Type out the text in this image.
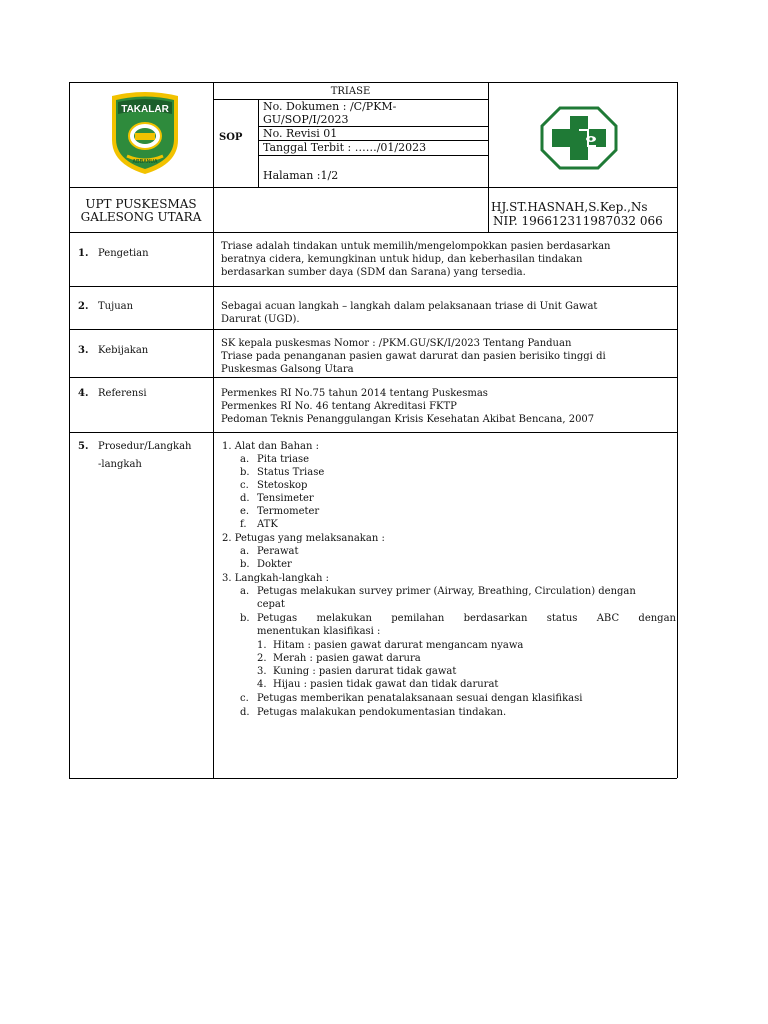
TAKALAR
ABBANUA
TRIASE
SOP
No. Dokumen : /C/PKM-
GU/SOP/I/2023
No. Revisi 01
Tanggal Terbit : ……/01/2023
Halaman :1/2
UPT PUSKESMAS
GALESONG UTARA
HJ.ST.HASNAH,S.Kep.,Ns
NIP. 196612311987032 066
1. Pengetian
Triase adalah tindakan untuk memilih/mengelompokkan pasien berdasarkan
beratnya cidera, kemungkinan untuk hidup, dan keberhasilan tindakan
berdasarkan sumber daya (SDM dan Sarana) yang tersedia.
2. Tujuan	Sebagai acuan langkah – langkah dalam pelaksanaan triase di Unit Gawat
Darurat (UGD).
3. Kebijakan
SK kepala puskesmas Nomor : /PKM.GU/SK/I/2023 Tentang Panduan
Triase pada penanganan pasien gawat darurat dan pasien berisiko tinggi di
Puskesmas Galsong Utara
4. Referensi	Permenkes RI No.75 tahun 2014 tentang Puskesmas
Permenkes RI No. 46 tentang Akreditasi FKTP
Pedoman Teknis Penanggulangan Krisis Kesehatan Akibat Bencana, 2007
5. Prosedur/Langkah
-langkah
1. Alat dan Bahan :
a. Pita triase
b. Status Triase
c. Stetoskop
d. Tensimeter
e. Termometer
f. ATK
2. Petugas yang melaksanakan :
a. Perawat
b. Dokter
3. Langkah-langkah :
a. Petugas melakukan survey primer (Airway, Breathing, Circulation) dengan
cepat
b. Petugas melakukan pemilahan berdasarkan status ABC dengan
menentukan klasifikasi :
1. Hitam : pasien gawat darurat mengancam nyawa
2. Merah : pasien gawat darura
3. Kuning : pasien darurat tidak gawat
4. Hijau : pasien tidak gawat dan tidak darurat
c. Petugas memberikan penatalaksanaan sesuai dengan klasifikasi
d. Petugas malakukan pendokumentasian tindakan.
